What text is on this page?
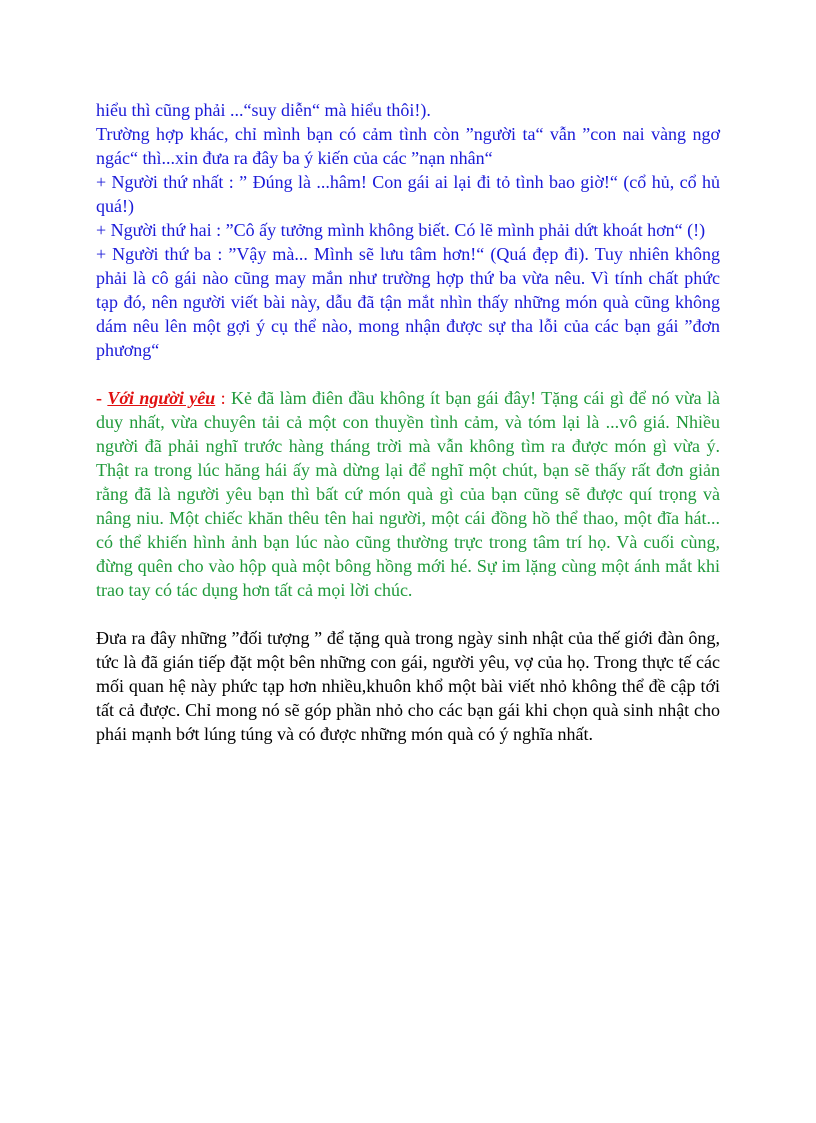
hiểu thì cũng phải ...“suy diễn“ mà hiểu thôi!).

Trường hợp khác, chỉ mình bạn có cảm tình còn ”người ta“ vẫn ”con nai vàng ngơ ngác“ thì...xin đưa ra đây ba ý kiến của các ”nạn nhân“

+ Người thứ nhất : ” Đúng là ...hâm! Con gái ai lại đi tỏ tình bao giờ!“ (cổ hủ, cổ hủ quá!)

+ Người thứ hai : ”Cô ấy tưởng mình không biết. Có lẽ mình phải dứt khoát hơn“ (!)

+ Người thứ ba : ”Vậy mà... Mình sẽ lưu tâm hơn!“ (Quá đẹp đi). Tuy nhiên không phải là cô gái nào cũng may mắn như trường hợp thứ ba vừa nêu. Vì tính chất phức tạp đó, nên người viết bài này, dẫu đã tận mắt nhìn thấy những món quà cũng không dám nêu lên một gợi ý cụ thể nào, mong nhận được sự tha lỗi của các bạn gái ”đơn phương“

- Với người yêu : Kẻ đã làm điên đầu không ít bạn gái đây! Tặng cái gì để nó vừa là duy nhất, vừa chuyên tải cả một con thuyền tình cảm, và tóm lại là ...vô giá. Nhiều người đã phải nghĩ trước hàng tháng trời mà vẫn không tìm ra được món gì vừa ý. Thật ra trong lúc hăng hái ấy mà dừng lại để nghĩ một chút, bạn sẽ thấy rất đơn giản rằng đã là người yêu bạn thì bất cứ món quà gì của bạn cũng sẽ được quí trọng và nâng niu. Một chiếc khăn thêu tên hai người, một cái đồng hồ thể thao, một đĩa hát... có thể khiến hình ảnh bạn lúc nào cũng thường trực trong tâm trí họ. Và cuối cùng, đừng quên cho vào hộp quà một bông hồng mới hé. Sự im lặng cùng một ánh mắt khi trao tay có tác dụng hơn tất cả mọi lời chúc.

Đưa ra đây những ”đối tượng ” để tặng quà trong ngày sinh nhật của thế giới đàn ông, tức là đã gián tiếp đặt một bên những con gái, người yêu, vợ của họ. Trong thực tế các mối quan hệ này phức tạp hơn nhiều,khuôn khổ một bài viết nhỏ không thể đề cập tới tất cả được. Chỉ mong nó sẽ góp phần nhỏ cho các bạn gái khi chọn quà sinh nhật cho phái mạnh bớt lúng túng và có được những món quà có ý nghĩa nhất.
